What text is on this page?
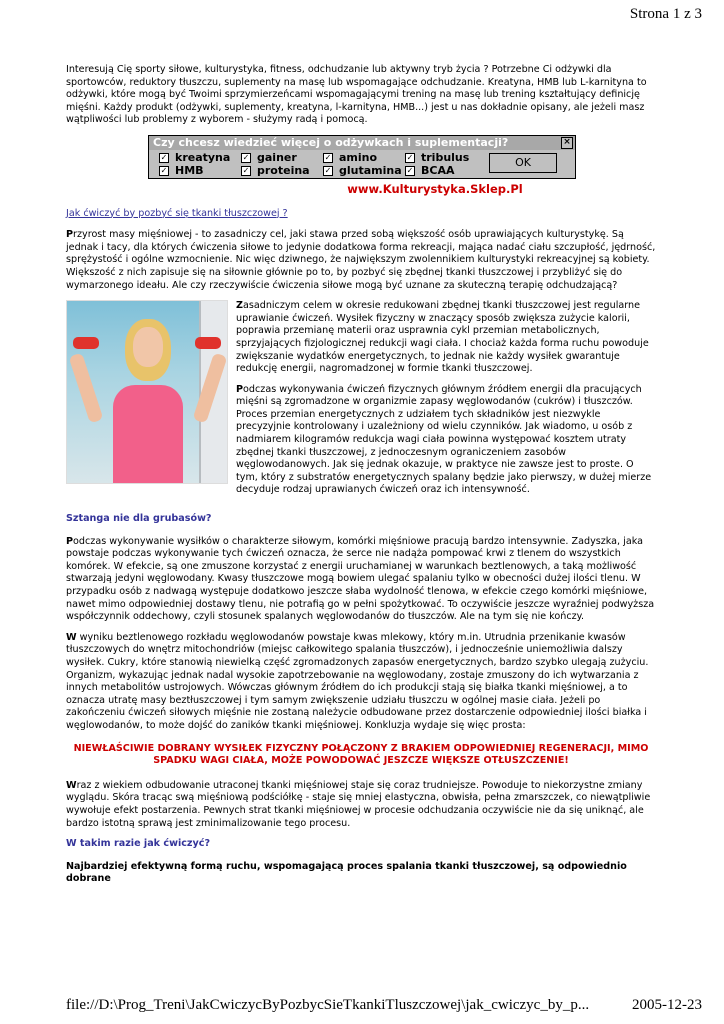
Strona 1 z 3

Interesują Cię sporty siłowe, kulturystyka, fitness, odchudzanie lub aktywny tryb życia ? Potrzebne Ci odżywki dla sportowców, reduktory tłuszczu, suplementy na masę lub wspomagające odchudzanie. Kreatyna, HMB lub L-karnityna to odżywki, które mogą być Twoimi sprzymierzeńcami wspomagającymi trening na masę lub trening kształtujący definicję mięśni. Każdy produkt (odżywki, suplementy, kreatyna, l-karnityna, HMB...) jest u nas dokładnie opisany, ale jeżeli masz wątpliwości lub problemy z wyborem - służymy radą i pomocą.

Czy chcesz wiedzieć więcej o odżywkach i suplementacji?	×
✓ kreatyna
✓ HMB
✓ gainer
✓ proteina
✓ amino
✓ glutamina
✓ tribulus
✓ BCAA
OK

www.Kulturystyka.Sklep.Pl

Jak ćwiczyć by pozbyć się tkanki tłuszczowej ?

Przyrost masy mięśniowej - to zasadniczy cel, jaki stawa przed sobą większość osób uprawiających kulturystykę. Są jednak i tacy, dla których ćwiczenia siłowe to jedynie dodatkowa forma rekreacji, mająca nadać ciału szczupłość, jędrność, sprężystość i ogólne wzmocnienie. Nic więc dziwnego, że największym zwolennikiem kulturystyki rekreacyjnej są kobiety. Większość z nich zapisuje się na siłownie głównie po to, by pozbyć się zbędnej tkanki tłuszczowej i przybliżyć się do wymarzonego ideału. Ale czy rzeczywiście ćwiczenia siłowe mogą być uznane za skuteczną terapię odchudzającą?

Zasadniczym celem w okresie redukowani zbędnej tkanki tłuszczowej jest regularne uprawianie ćwiczeń. Wysiłek fizyczny w znaczący sposób zwiększa zużycie kalorii, poprawia przemianę materii oraz usprawnia cykl przemian metabolicznych, sprzyjających fizjologicznej redukcji wagi ciała. I chociaż każda forma ruchu powoduje zwiększanie wydatków energetycznych, to jednak nie każdy wysiłek gwarantuje redukcję energii, nagromadzonej w formie tkanki tłuszczowej.

Podczas wykonywania ćwiczeń fizycznych głównym źródłem energii dla pracujących mięśni są zgromadzone w organizmie zapasy węglowodanów (cukrów) i tłuszczów. Proces przemian energetycznych z udziałem tych składników jest niezwykle precyzyjnie kontrolowany i uzależniony od wielu czynników. Jak wiadomo, u osób z nadmiarem kilogramów redukcja wagi ciała powinna występować kosztem utraty zbędnej tkanki tłuszczowej, z jednoczesnym ograniczeniem zasobów węglowodanowych. Jak się jednak okazuje, w praktyce nie zawsze jest to proste. O tym, który z substratów energetycznych spalany będzie jako pierwszy, w dużej mierze decyduje rodzaj uprawianych ćwiczeń oraz ich intensywność.

Sztanga nie dla grubasów?

Podczas wykonywanie wysiłków o charakterze siłowym, komórki mięśniowe pracują bardzo intensywnie. Zadyszka, jaka powstaje podczas wykonywanie tych ćwiczeń oznacza, że serce nie nadąża pompować krwi z tlenem do wszystkich komórek. W efekcie, są one zmuszone korzystać z energii uruchamianej w warunkach beztlenowych, a taką możliwość stwarzają jedyni węglowodany. Kwasy tłuszczowe mogą bowiem ulegać spalaniu tylko w obecności dużej ilości tlenu. W przypadku osób z nadwagą występuje dodatkowo jeszcze słaba wydolność tlenowa, w efekcie czego komórki mięśniowe, nawet mimo odpowiedniej dostawy tlenu, nie potrafią go w pełni spożytkować. To oczywiście jeszcze wyraźniej podwyższa współczynnik oddechowy, czyli stosunek spalanych węglowodanów do tłuszczów. Ale na tym się nie kończy.

W wyniku beztlenowego rozkładu węglowodanów powstaje kwas mlekowy, który m.in. Utrudnia przenikanie kwasów tłuszczowych do wnętrz mitochondriów (miejsc całkowitego spalania tłuszczów), i jednocześnie uniemożliwia dalszy wysiłek. Cukry, które stanowią niewielką część zgromadzonych zapasów energetycznych, bardzo szybko ulegają zużyciu. Organizm, wykazując jednak nadal wysokie zapotrzebowanie na węglowodany, zostaje zmuszony do ich wytwarzania z innych metabolitów ustrojowych. Wówczas głównym źródłem do ich produkcji stają się białka tkanki mięśniowej, a to oznacza utratę masy beztłuszczowej i tym samym zwiększenie udziału tłuszczu w ogólnej masie ciała. Jeżeli po zakończeniu ćwiczeń siłowych mięśnie nie zostaną należycie odbudowane przez dostarczenie odpowiedniej ilości białka i węglowodanów, to może dojść do zaników tkanki mięśniowej. Konkluzja wydaje się więc prosta:

NIEWŁAŚCIWIE DOBRANY WYSIŁEK FIZYCZNY POŁĄCZONY Z BRAKIEM ODPOWIEDNIEJ REGENERACJI, MIMO SPADKU WAGI CIAŁA, MOŻE POWODOWAĆ JESZCZE WIĘKSZE OTŁUSZCZENIE!

Wraz z wiekiem odbudowanie utraconej tkanki mięśniowej staje się coraz trudniejsze. Powoduje to niekorzystne zmiany wyglądu. Skóra tracąc swą mięśniową podściółkę - staje się mniej elastyczna, obwisła, pełna zmarszczek, co niewątpliwie wywołuje efekt postarzenia. Pewnych strat tkanki mięśniowej w procesie odchudzania oczywiście nie da się uniknąć, ale bardzo istotną sprawą jest zminimalizowanie tego procesu.

W takim razie jak ćwiczyć?

Najbardziej efektywną formą ruchu, wspomagającą proces spalania tkanki tłuszczowej, są odpowiednio dobrane

file://D:\Prog_Treni\JakCwiczycByPozbycSieTkankiTluszczowej\jak_cwiczyc_by_p...	2005-12-23
